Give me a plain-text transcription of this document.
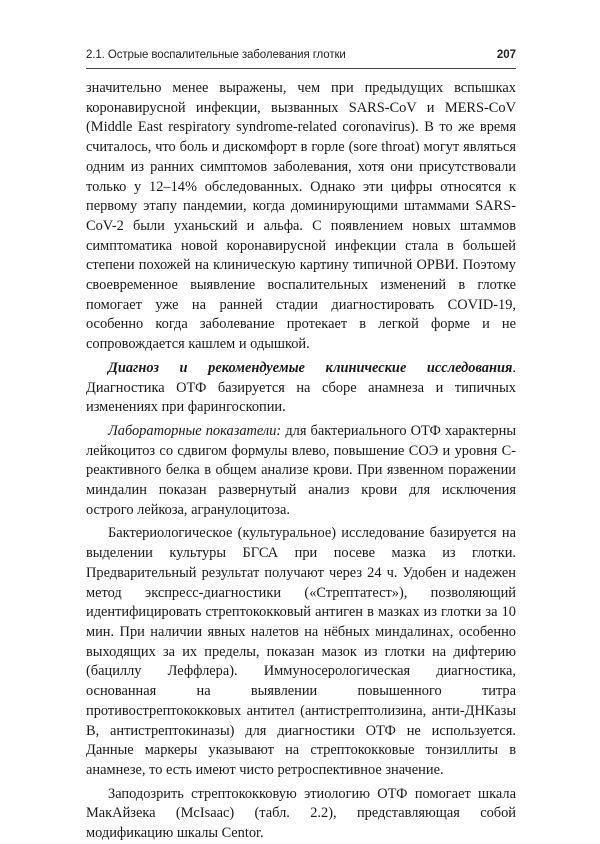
2.1. Острые воспалительные заболевания глотки	207

значительно менее выражены, чем при предыдущих вспышках коронавирусной инфекции, вызванных SARS-CoV и MERS-CoV (Middle East respiratory syndrome-related coronavirus). В то же время считалось, что боль и дискомфорт в горле (sore throat) могут являться одним из ранних симптомов заболевания, хотя они присутствовали только у 12–14% обследованных. Однако эти цифры относятся к первому этапу пандемии, когда доминирующими штаммами SARS-CoV-2 были уханьский и альфа. С появлением новых штаммов симптоматика новой коронавирусной инфекции стала в большей степени похожей на клиническую картину типичной ОРВИ. Поэтому своевременное выявление воспалительных изменений в глотке помогает уже на ранней стадии диагностировать COVID-19, особенно когда заболевание протекает в легкой форме и не сопровождается кашлем и одышкой.

Диагноз и рекомендуемые клинические исследования. Диагностика ОТФ базируется на сборе анамнеза и типичных изменениях при фарингоскопии.

Лабораторные показатели: для бактериального ОТФ характерны лейкоцитоз со сдвигом формулы влево, повышение СОЭ и уровня C-реактивного белка в общем анализе крови. При язвенном поражении миндалин показан развернутый анализ крови для исключения острого лейкоза, агранулоцитоза.

Бактериологическое (культуральное) исследование базируется на выделении культуры БГСА при посеве мазка из глотки. Предварительный результат получают через 24 ч. Удобен и надежен метод экспресс-диагностики («Стрептатест»), позволяющий идентифицировать стрептококковый антиген в мазках из глотки за 10 мин. При наличии явных налетов на нёбных миндалинах, особенно выходящих за их пределы, показан мазок из глотки на дифтерию (бациллу Леффлера). Иммуносерологическая диагностика, основанная на выявлении повышенного титра противострептококковых антител (антистрептолизина, анти-ДНКазы В, антистрептокиназы) для диагностики ОТФ не используется. Данные маркеры указывают на стрептококковые тонзиллиты в анамнезе, то есть имеют чисто ретроспективное значение.

Заподозрить стрептококковую этиологию ОТФ помогает шкала МакАйзека (McIsaac) (табл. 2.2), представляющая собой модификацию шкалы Centor.
